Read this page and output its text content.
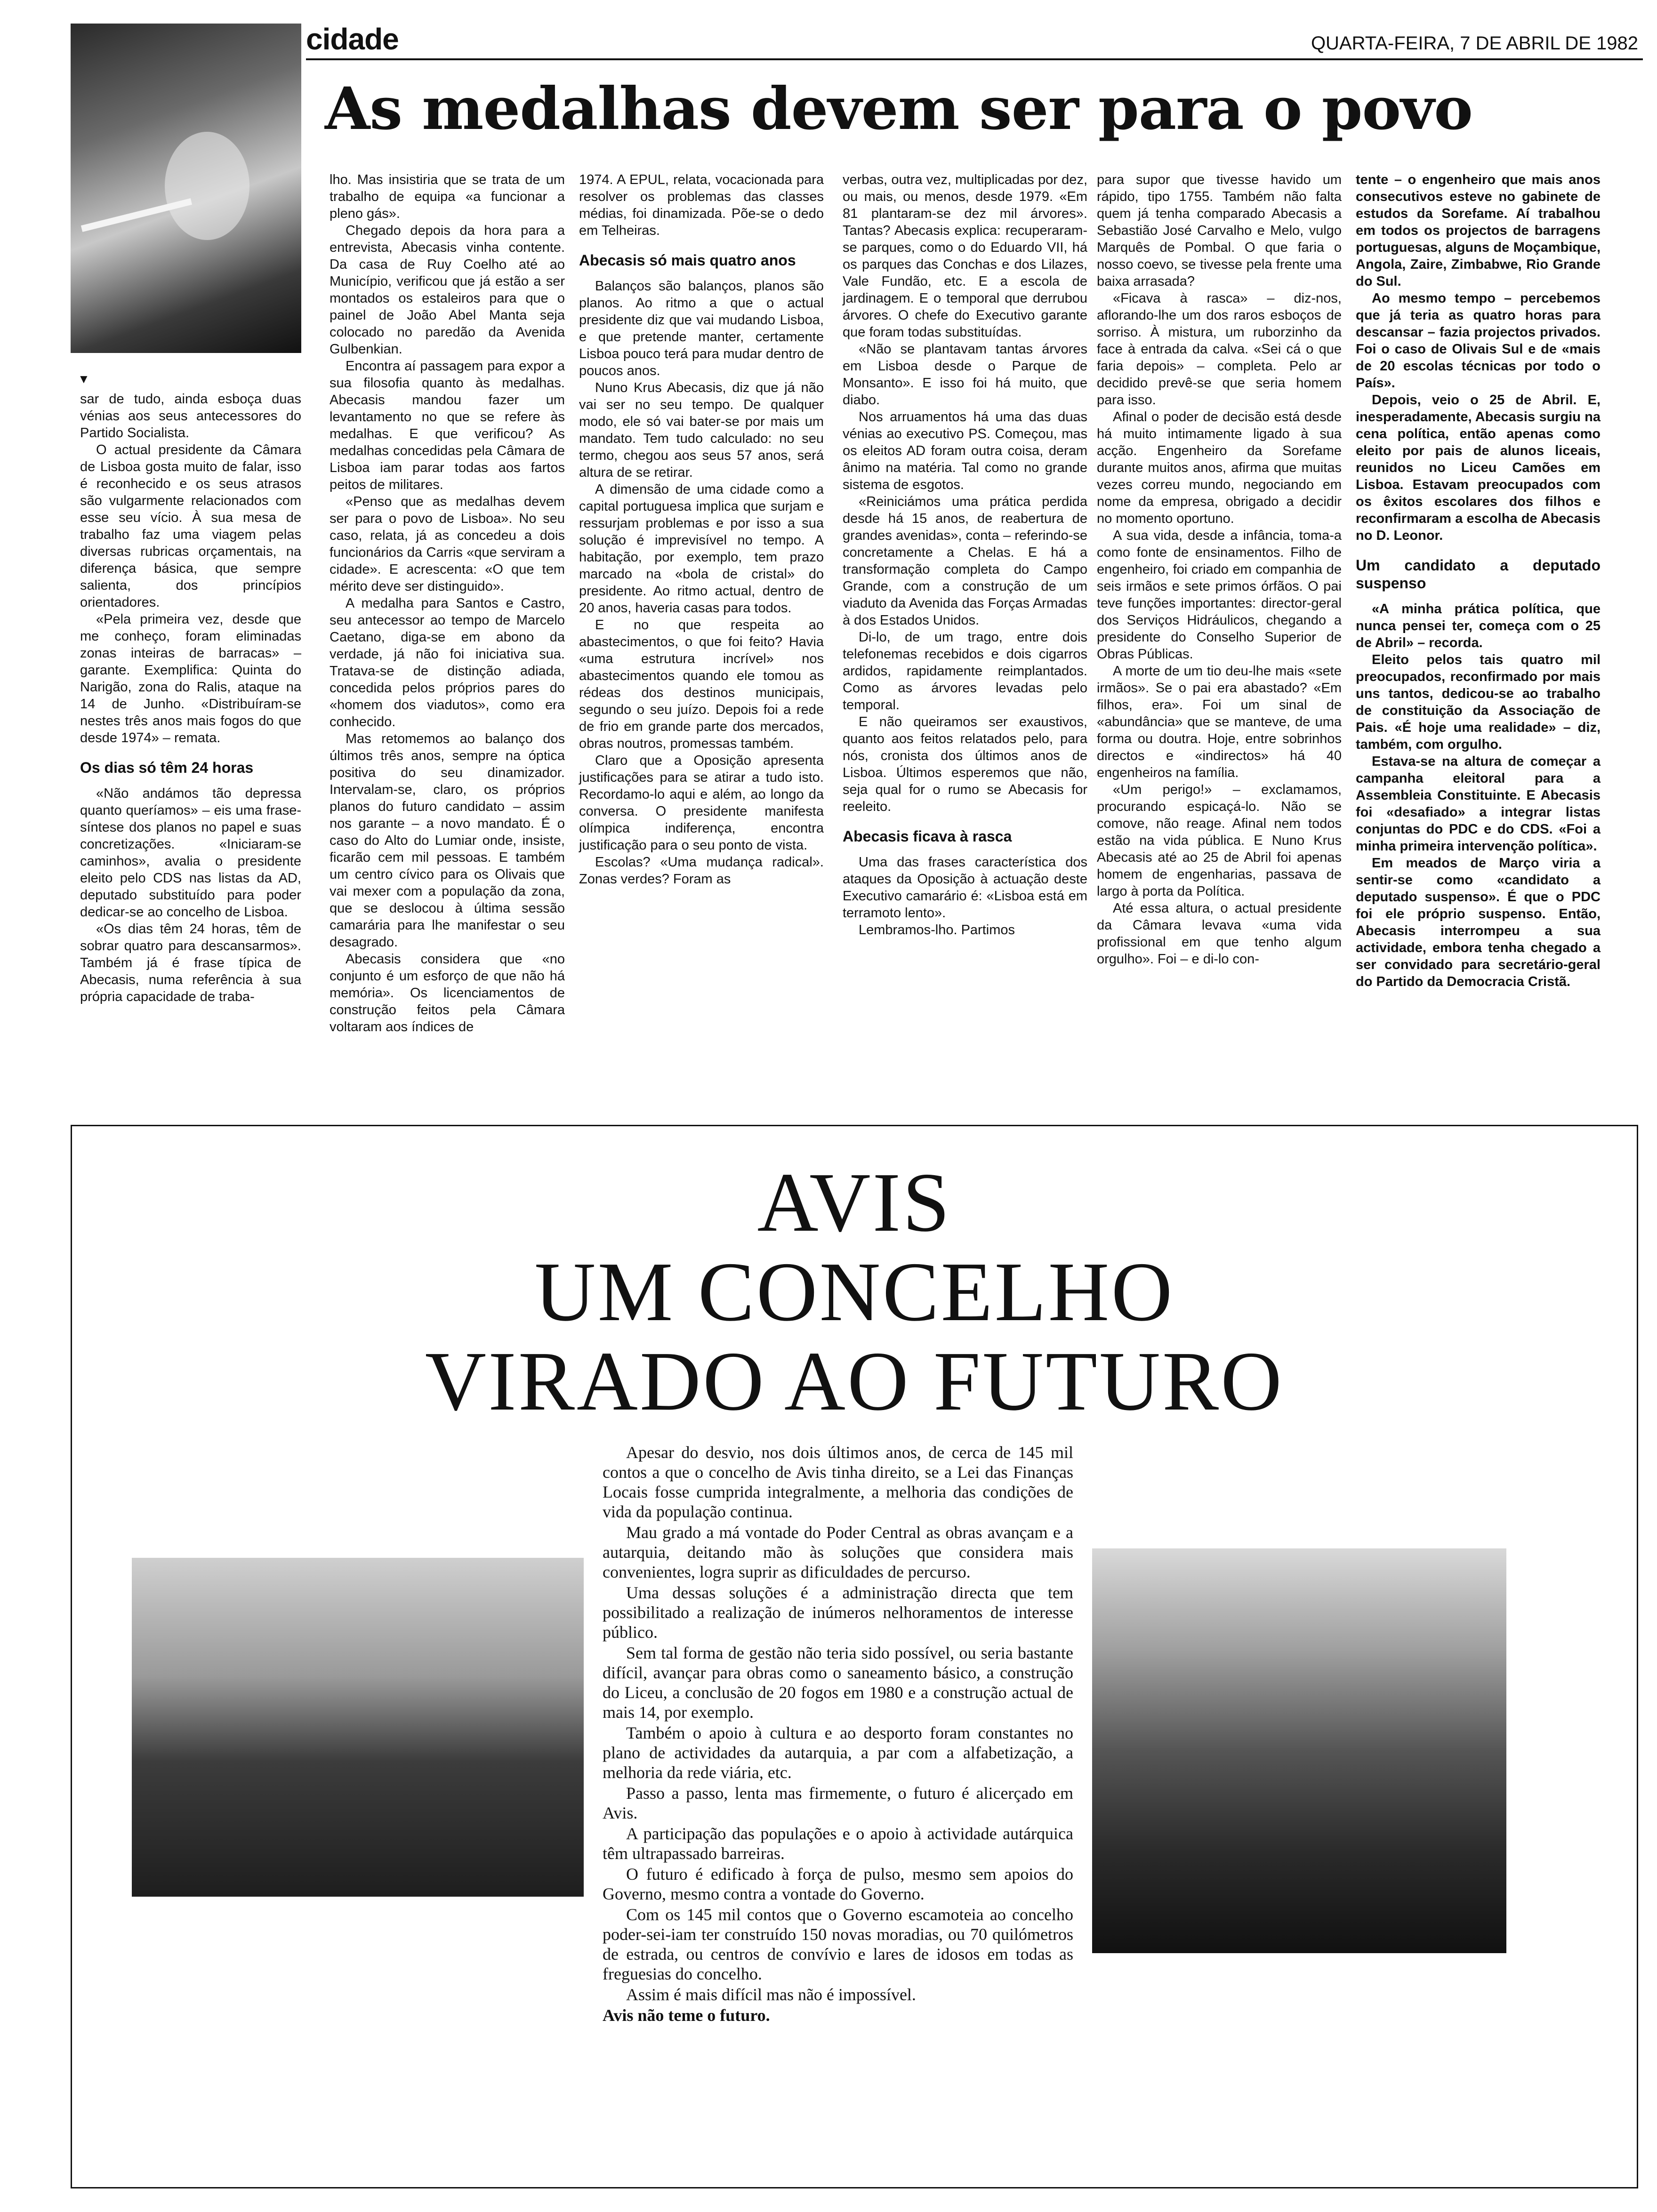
cidade	QUARTA-FEIRA, 7 DE ABRIL DE 1982
As medalhas devem ser para o povo
▼

sar de tudo, ainda esboça duas vénias aos seus antecessores do Partido Socialista.

O actual presidente da Câmara de Lisboa gosta muito de falar, isso é reconhecido e os seus atrasos são vulgarmente relacionados com esse seu vício. À sua mesa de trabalho faz uma viagem pelas diversas rubricas orçamentais, na diferença básica, que sempre salienta, dos princípios orientadores.

«Pela primeira vez, desde que me conheço, foram eliminadas zonas inteiras de barracas» – garante. Exemplifica: Quinta do Narigão, zona do Ralis, ataque na 14 de Junho. «Distribuíram-se nestes três anos mais fogos do que desde 1974» – remata.

Os dias só têm 24 horas

«Não andámos tão depressa quanto queríamos» – eis uma frase-síntese dos planos no papel e suas concretizações. «Iniciaram-se caminhos», avalia o presidente eleito pelo CDS nas listas da AD, deputado substituído para poder dedicar-se ao concelho de Lisboa.

«Os dias têm 24 horas, têm de sobrar quatro para descansarmos». Também já é frase típica de Abecasis, numa referência à sua própria capacidade de traba-

lho. Mas insistiria que se trata de um trabalho de equipa «a funcionar a pleno gás».

Chegado depois da hora para a entrevista, Abecasis vinha contente. Da casa de Ruy Coelho até ao Município, verificou que já estão a ser montados os estaleiros para que o painel de João Abel Manta seja colocado no paredão da Avenida Gulbenkian.

Encontra aí passagem para expor a sua filosofia quanto às medalhas. Abecasis mandou fazer um levantamento no que se refere às medalhas. E que verificou? As medalhas concedidas pela Câmara de Lisboa iam parar todas aos fartos peitos de militares.

«Penso que as medalhas devem ser para o povo de Lisboa». No seu caso, relata, já as concedeu a dois funcionários da Carris «que serviram a cidade». E acrescenta: «O que tem mérito deve ser distinguido».

A medalha para Santos e Castro, seu antecessor ao tempo de Marcelo Caetano, diga-se em abono da verdade, já não foi iniciativa sua. Tratava-se de distinção adiada, concedida pelos próprios pares do «homem dos viadutos», como era conhecido.

Mas retomemos ao balanço dos últimos três anos, sempre na óptica positiva do seu dinamizador. Intervalam-se, claro, os próprios planos do futuro candidato – assim nos garante – a novo mandato. É o caso do Alto do Lumiar onde, insiste, ficarão cem mil pessoas. E também um centro cívico para os Olivais que vai mexer com a população da zona, que se deslocou à última sessão camarária para lhe manifestar o seu desagrado.

Abecasis considera que «no conjunto é um esforço de que não há memória». Os licenciamentos de construção feitos pela Câmara voltaram aos índices de

1974. A EPUL, relata, vocacionada para resolver os problemas das classes médias, foi dinamizada. Põe-se o dedo em Telheiras.

Abecasis só mais quatro anos

Balanços são balanços, planos são planos. Ao ritmo a que o actual presidente diz que vai mudando Lisboa, e que pretende manter, certamente Lisboa pouco terá para mudar dentro de poucos anos.

Nuno Krus Abecasis, diz que já não vai ser no seu tempo. De qualquer modo, ele só vai bater-se por mais um mandato. Tem tudo calculado: no seu termo, chegou aos seus 57 anos, será altura de se retirar.

A dimensão de uma cidade como a capital portuguesa implica que surjam e ressurjam problemas e por isso a sua solução é imprevisível no tempo. A habitação, por exemplo, tem prazo marcado na «bola de cristal» do presidente. Ao ritmo actual, dentro de 20 anos, haveria casas para todos.

E no que respeita ao abastecimentos, o que foi feito? Havia «uma estrutura incrível» nos abastecimentos quando ele tomou as rédeas dos destinos municipais, segundo o seu juízo. Depois foi a rede de frio em grande parte dos mercados, obras noutros, promessas também.

Claro que a Oposição apresenta justificações para se atirar a tudo isto. Recordamo-lo aqui e além, ao longo da conversa. O presidente manifesta olímpica indiferença, encontra justificação para o seu ponto de vista.

Escolas? «Uma mudança radical». Zonas verdes? Foram as

verbas, outra vez, multiplicadas por dez, ou mais, ou menos, desde 1979. «Em 81 plantaram-se dez mil árvores». Tantas? Abecasis explica: recuperaram-se parques, como o do Eduardo VII, há os parques das Conchas e dos Lilazes, Vale Fundão, etc. E a escola de jardinagem. E o temporal que derrubou árvores. O chefe do Executivo garante que foram todas substituídas.

«Não se plantavam tantas árvores em Lisboa desde o Parque de Monsanto». E isso foi há muito, que diabo.

Nos arruamentos há uma das duas vénias ao executivo PS. Começou, mas os eleitos AD foram outra coisa, deram ânimo na matéria. Tal como no grande sistema de esgotos.

«Reiniciámos uma prática perdida desde há 15 anos, de reabertura de grandes avenidas», conta – referindo-se concretamente a Chelas. E há a transformação completa do Campo Grande, com a construção de um viaduto da Avenida das Forças Armadas à dos Estados Unidos.

Di-lo, de um trago, entre dois telefonemas recebidos e dois cigarros ardidos, rapidamente reimplantados. Como as árvores levadas pelo temporal.

E não queiramos ser exaustivos, quanto aos feitos relatados pelo, para nós, cronista dos últimos anos de Lisboa. Últimos esperemos que não, seja qual for o rumo se Abecasis for reeleito.

Abecasis ficava à rasca

Uma das frases característica dos ataques da Oposição à actuação deste Executivo camarário é: «Lisboa está em terramoto lento».

Lembramos-lho. Partimos

para supor que tivesse havido um rápido, tipo 1755. Também não falta quem já tenha comparado Abecasis a Sebastião José Carvalho e Melo, vulgo Marquês de Pombal. O que faria o nosso coevo, se tivesse pela frente uma baixa arrasada?

«Ficava à rasca» – diz-nos, aflorando-lhe um dos raros esboços de sorriso. À mistura, um ruborzinho da face à entrada da calva. «Sei cá o que faria depois» – completa. Pelo ar decidido prevê-se que seria homem para isso.

Afinal o poder de decisão está desde há muito intimamente ligado à sua acção. Engenheiro da Sorefame durante muitos anos, afirma que muitas vezes correu mundo, negociando em nome da empresa, obrigado a decidir no momento oportuno.

A sua vida, desde a infância, toma-a como fonte de ensinamentos. Filho de engenheiro, foi criado em companhia de seis irmãos e sete primos órfãos. O pai teve funções importantes: director-geral dos Serviços Hidráulicos, chegando a presidente do Conselho Superior de Obras Públicas.

A morte de um tio deu-lhe mais «sete irmãos». Se o pai era abastado? «Em filhos, era». Foi um sinal de «abundância» que se manteve, de uma forma ou doutra. Hoje, entre sobrinhos directos e «indirectos» há 40 engenheiros na família.

«Um perigo!» – exclamamos, procurando espicaçá-lo. Não se comove, não reage. Afinal nem todos estão na vida pública. E Nuno Krus Abecasis até ao 25 de Abril foi apenas homem de engenharias, passava de largo à porta da Política.

Até essa altura, o actual presidente da Câmara levava «uma vida profissional em que tenho algum orgulho». Foi – e di-lo con-

tente – o engenheiro que mais anos consecutivos esteve no gabinete de estudos da Sorefame. Aí trabalhou em todos os projectos de barragens portuguesas, alguns de Moçambique, Angola, Zaire, Zimbabwe, Rio Grande do Sul.

Ao mesmo tempo – percebemos que já teria as quatro horas para descansar – fazia projectos privados. Foi o caso de Olivais Sul e de «mais de 20 escolas técnicas por todo o País».

Depois, veio o 25 de Abril. E, inesperadamente, Abecasis surgiu na cena política, então apenas como eleito por pais de alunos liceais, reunidos no Liceu Camões em Lisboa. Estavam preocupados com os êxitos escolares dos filhos e reconfirmaram a escolha de Abecasis no D. Leonor.

Um candidato a deputado suspenso

«A minha prática política, que nunca pensei ter, começa com o 25 de Abril» – recorda.

Eleito pelos tais quatro mil preocupados, reconfirmado por mais uns tantos, dedicou-se ao trabalho de constituição da Associação de Pais. «É hoje uma realidade» – diz, também, com orgulho.

Estava-se na altura de começar a campanha eleitoral para a Assembleia Constituinte. E Abecasis foi «desafiado» a integrar listas conjuntas do PDC e do CDS. «Foi a minha primeira intervenção política».

Em meados de Março viria a sentir-se como «candidato a deputado suspenso». É que o PDC foi ele próprio suspenso. Então, Abecasis interrompeu a sua actividade, embora tenha chegado a ser convidado para secretário-geral do Partido da Democracia Cristã.

AVIS
UM CONCELHO
VIRADO AO FUTURO

Apesar do desvio, nos dois últimos anos, de cerca de 145 mil contos a que o concelho de Avis tinha direito, se a Lei das Finanças Locais fosse cumprida integralmente, a melhoria das condições de vida da população continua.

Mau grado a má vontade do Poder Central as obras avançam e a autarquia, deitando mão às soluções que considera mais convenientes, logra suprir as dificuldades de percurso.

Uma dessas soluções é a administração directa que tem possibilitado a realização de inúmeros nelhoramentos de interesse público.

Sem tal forma de gestão não teria sido possível, ou seria bastante difícil, avançar para obras como o saneamento básico, a construção do Liceu, a conclusão de 20 fogos em 1980 e a construção actual de mais 14, por exemplo.

Também o apoio à cultura e ao desporto foram constantes no plano de actividades da autarquia, a par com a alfabetização, a melhoria da rede viária, etc.

Passo a passo, lenta mas firmemente, o futuro é alicerçado em Avis.

A participação das populações e o apoio à actividade autárquica têm ultrapassado barreiras.

O futuro é edificado à força de pulso, mesmo sem apoios do Governo, mesmo contra a vontade do Governo.

Com os 145 mil contos que o Governo escamoteia ao concelho poder-sei-iam ter construído 150 novas moradias, ou 70 quilómetros de estrada, ou centros de convívio e lares de idosos em todas as freguesias do concelho.

Assim é mais difícil mas não é impossível.

Avis não teme o futuro.
